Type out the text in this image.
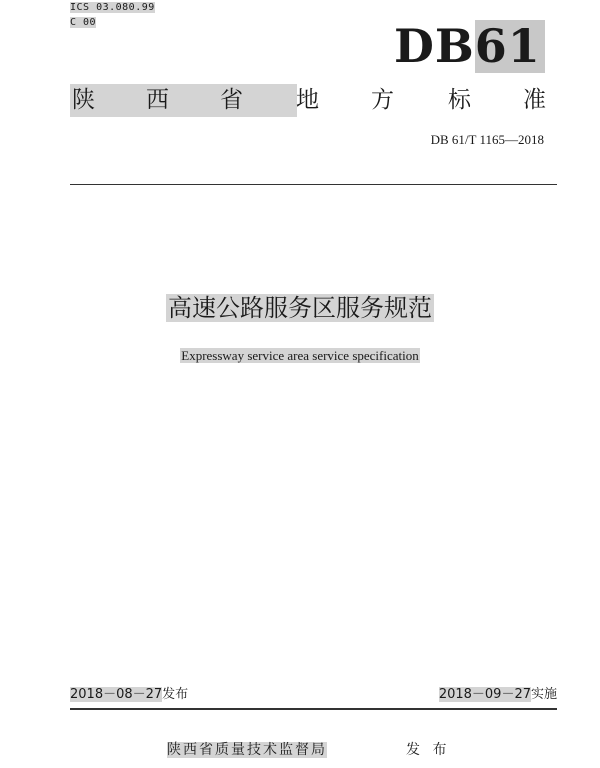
ICS 03.080.99
C 00	DB61
陕 西 省 地 方 标 准
DB 61/T 1165—2018
高速公路服务区服务规范
Expressway service area service specification
2018－08－27发布	2018－09－27实施
陕西省质量技术监督局	发 布
